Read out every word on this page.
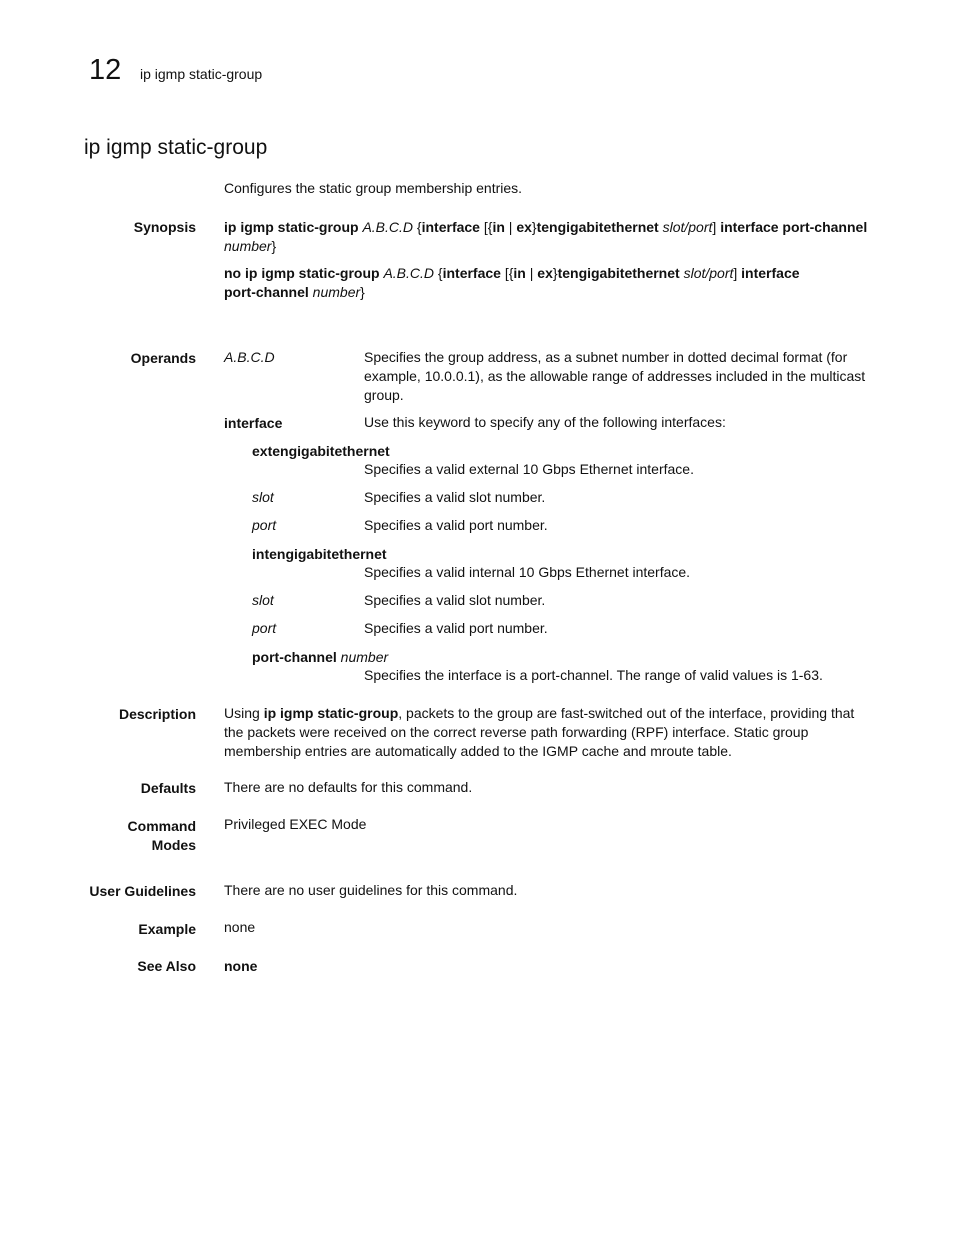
12 ip igmp static-group
ip igmp static-group
Configures the static group membership entries.
Synopsis ip igmp static-group A.B.C.D {interface [{in | ex}tengigabitethernet slot/port] interface port-channel
number}
no ip igmp static-group A.B.C.D {interface [{in | ex}tengigabitethernet slot/port] interface
port-channel number}
Operands A.B.C.D	Specifies the group address, as a subnet number in dotted decimal format (for example, 10.0.0.1), as the allowable range of addresses included in the multicast group.
interface	Use this keyword to specify any of the following interfaces:
extengigabitethernet
Specifies a valid external 10 Gbps Ethernet interface.
slot	Specifies a valid slot number.
port	Specifies a valid port number.
intengigabitethernet
Specifies a valid internal 10 Gbps Ethernet interface.
slot	Specifies a valid slot number.
port	Specifies a valid port number.
port-channel number
Specifies the interface is a port-channel. The range of valid values is 1-63.
Description Using ip igmp static-group, packets to the group are fast-switched out of the interface, providing that the packets were received on the correct reverse path forwarding (RPF) interface. Static group membership entries are automatically added to the IGMP cache and mroute table.
Defaults There are no defaults for this command.
Command
Modes
Privileged EXEC Mode
User Guidelines There are no user guidelines for this command.
Example none
See Also none
